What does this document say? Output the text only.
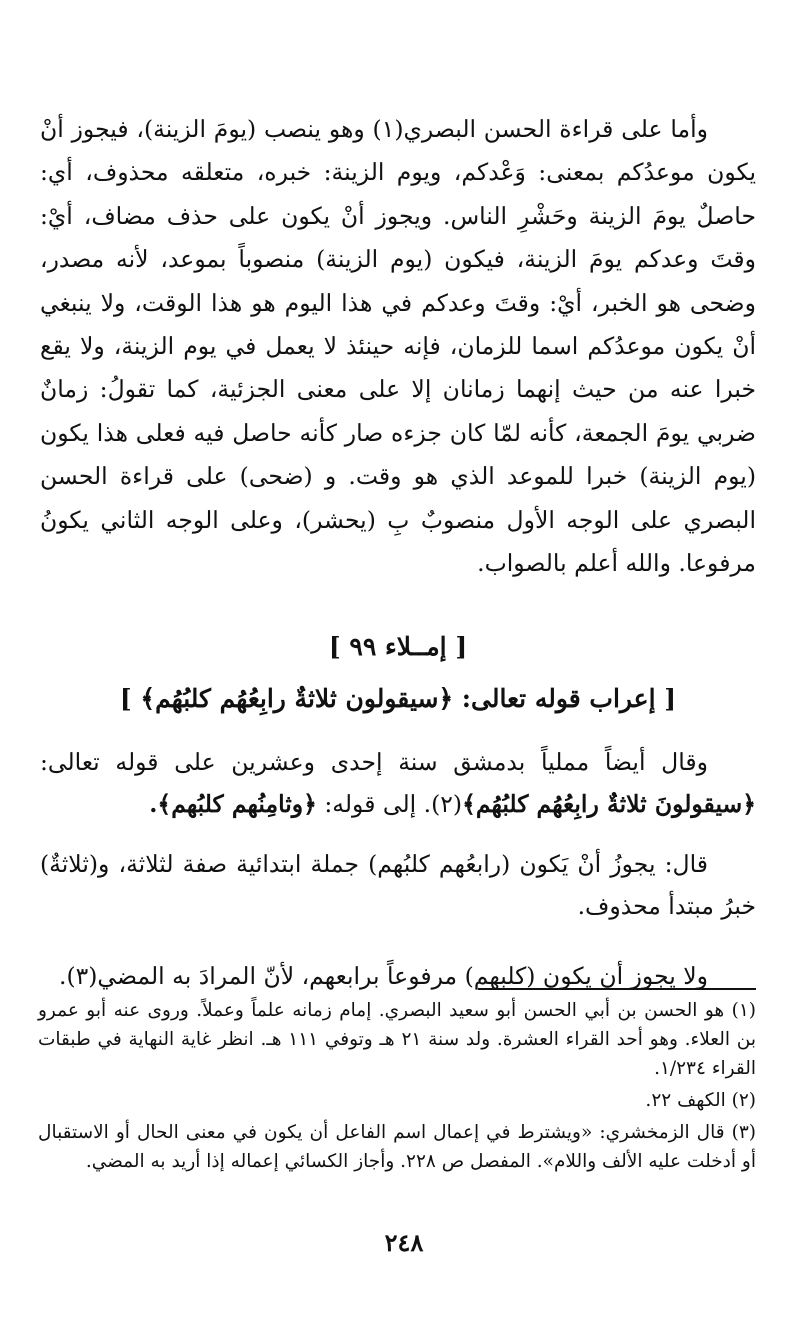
وأما على قراءة الحسن البصري(١) وهو ينصب (يومَ الزينة)، فيجوز أنْ يكون موعدُكم بمعنى: وَعْدكم، ويوم الزينة: خبره، متعلقه محذوف، أي: حاصلٌ يومَ الزينة وحَشْرِ الناس. ويجوز أنْ يكون على حذف مضاف، أيْ: وقتَ وعدكم يومَ الزينة، فيكون (يوم الزينة) منصوباً بموعد، لأنه مصدر، وضحى هو الخبر، أيْ: وقتَ وعدكم في هذا اليوم هو هذا الوقت، ولا ينبغي أنْ يكون موعدُكم اسما للزمان، فإنه حينئذ لا يعمل في يوم الزينة، ولا يقع خبرا عنه من حيث إنهما زمانان إلا على معنى الجزئية، كما تقولُ: زمانٌ ضربي يومَ الجمعة، كأنه لمّا كان جزءه صار كأنه حاصل فيه فعلى هذا يكون (يوم الزينة) خبرا للموعد الذي هو وقت. و (ضحى) على قراءة الحسن البصري على الوجه الأول منصوبٌ بِ (يحشر)، وعلى الوجه الثاني يكونُ مرفوعا. والله أعلم بالصواب.

[ إمــلاء ٩٩ ]

[ إعراب قوله تعالى: ﴿سيقولون ثلاثةٌ رابِعُهُم كلبُهُم﴾ ]

وقال أيضاً مملياً بدمشق سنة إحدى وعشرين على قوله تعالى: ﴿سيقولونَ ثلاثةٌ رابِعُهُم كلبُهُم﴾(٢). إلى قوله: ﴿وثامِنُهم كلبُهم﴾.

قال: يجوزُ أنْ يَكون (رابعُهم كلبُهم) جملة ابتدائية صفة لثلاثة، و(ثلاثةٌ) خبرُ مبتدأ محذوف.

ولا يجوز أن يكون (كلبهم) مرفوعاً برابعهم، لأنّ المرادَ به المضي(٣).

(١) هو الحسن بن أبي الحسن أبو سعيد البصري. إمام زمانه علماً وعملاً. وروى عنه أبو عمرو بن العلاء. وهو أحد القراء العشرة. ولد سنة ٢١ هـ وتوفي ١١١ هـ. انظر غاية النهاية في طبقات القراء ١/٢٣٤.

(٢) الكهف ٢٢.

(٣) قال الزمخشري: «ويشترط في إعمال اسم الفاعل أن يكون في معنى الحال أو الاستقبال أو أدخلت عليه الألف واللام». المفصل ص ٢٢٨. وأجاز الكسائي إعماله إذا أريد به المضي.

٢٤٨
